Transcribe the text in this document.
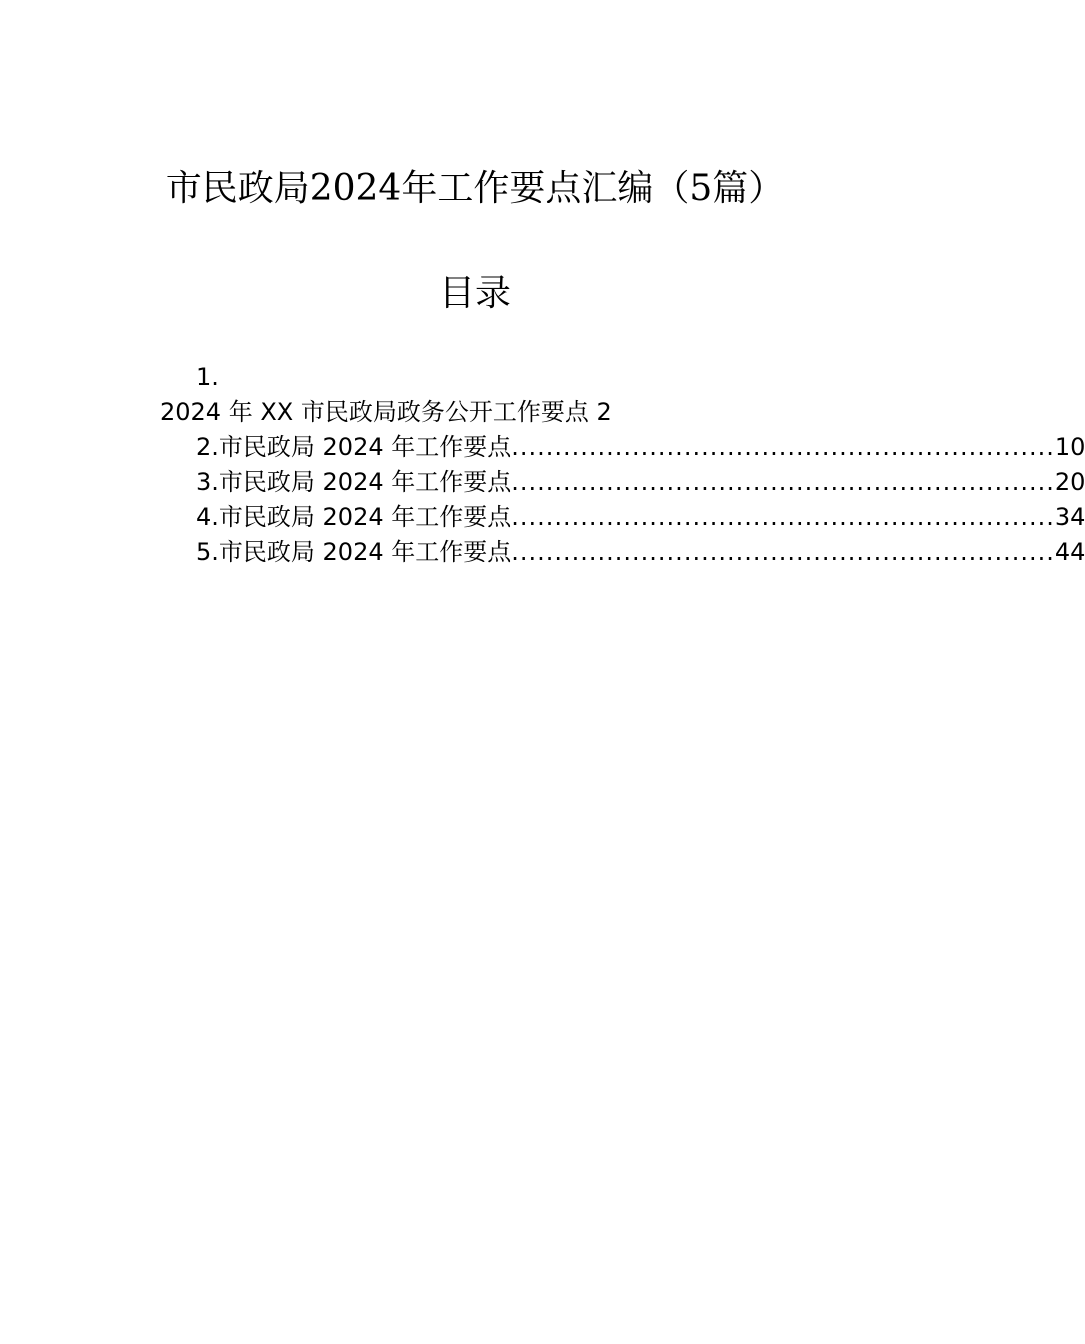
市民政局2024年工作要点汇编（5篇）
目录
1.
2024 年 XX 市民政局政务公开工作要点 2
2.市民政局 2024 年工作要点 ............................................................... 10
3.市民政局 2024 年工作要点 ............................................................... 20
4.市民政局 2024 年工作要点 ............................................................... 34
5.市民政局 2024 年工作要点 ............................................................... 44
